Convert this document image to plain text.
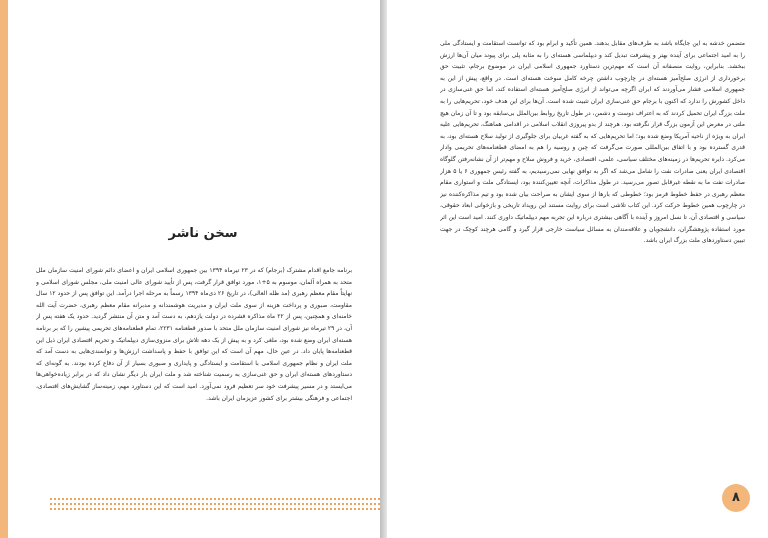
سخن ناشر
برنامه جامع اقدام مشترک (برجام) که در ۲۳ تیرماه ۱۳۹۴ بین جمهوری اسلامی ایران و اعضای دائم شورای امنیت سازمان ملل متحد به همراه آلمان، موسوم به ۵+۱، مورد توافق قرار گرفت، پس از تأیید شورای عالی امنیت ملی، مجلس شورای اسلامی و نهایتاً مقام معظم رهبری (مد ظله العالی)، در تاریخ ۲۶ دی‌ماه ۱۳۹۴ رسماً به مرحله اجرا درآمد. این توافق پس از حدود ۱۲ سال مقاومت، صبوری و پرداخت هزینه از سوی ملت ایران و مدیریت هوشمندانه و مدبرانه مقام معظم رهبری، حضرت آیت الله خامنه‌ای و همچنین، پس از ۲۲ ماه مذاکره فشرده در دولت یازدهم، به دست آمد و متن آن منتشر گردید. حدود یک هفته پس از آن، در ۲۹ تیرماه نیز شورای امنیت سازمان ملل متحد با صدور قطعنامه ۲۲۳۱، تمام قطعنامه‌های تحریمی پیشین را که بر برنامه هسته‌ای ایران وضع شده بود، ملغی کرد و به پیش از یک دهه تلاش برای منزوی‌سازی دیپلماتیک و تحریم اقتصادی ایران ذیل این قطعنامه‌ها پایان داد. در عین حال، مهم آن است که این توافق با حفظ و پاسداشت ارزش‌ها و توانمندی‌هایی به دست آمد که ملت ایران و نظام جمهوری اسلامی با استقامت و ایستادگی و پایداری و صبوری بسیار از آن دفاع کرده بودند. به گونه‌ای که دستاوردهای هسته‌ای ایران و حق غنی‌سازی به رسمیت شناخته شد و ملت ایران بار دیگر نشان داد که در برابر زیاده‌خواهی‌ها می‌ایستد و در مسیر پیشرفت خود سر تعظیم فرود نمی‌آورد. امید است که این دستاورد مهم، زمینه‌ساز گشایش‌های اقتصادی، اجتماعی و فرهنگی بیشتر برای کشور عزیزمان ایران باشد.
متضمن خدشه به این جایگاه باشد به طرف‌های مقابل بدهند. همین تأکید و ابرام بود که توانست استقامت و ایستادگی ملی را به امید اجتماعی برای آینده بهتر و پیشرفت تبدیل کند و دیپلماسی هسته‌ای را به مثابه پلی برای پیوند میان آن‌ها ارزش ببخشد. بنابراین، روایت منصفانه آن است که مهم‌ترین دستاورد جمهوری اسلامی ایران در موضوع برجام، تثبیت حق برخورداری از انرژی صلح‌آمیز هسته‌ای در چارچوب داشتن چرخه کامل سوخت هسته‌ای است. در واقع، پیش از این به جمهوری اسلامی فشار می‌آوردند که ایران اگرچه می‌تواند از انرژی صلح‌آمیز هسته‌ای استفاده کند، اما حق غنی‌سازی در داخل کشورش را ندارد که اکنون با برجام حق غنی‌سازی ایران تثبیت شده است. آن‌ها برای این هدف خود، تحریم‌هایی را به ملت بزرگ ایران تحمیل کردند که به اعتراف دوست و دشمن، در طول تاریخ روابط بین‌الملل بی‌سابقه بود و تا آن زمان هیچ ملتی در معرض این آزمون بزرگ قرار نگرفته بود. هرچند از بدو پیروزی انقلاب اسلامی در اقدامی هماهنگ، تحریم‌هایی علیه ایران به ویژه از ناحیه آمریکا وضع شده بود؛ اما تحریم‌هایی که به گفته غربیان برای جلوگیری از تولید سلاح هسته‌ای بود، به قدری گسترده بود و با اتفاق بین‌المللی صورت می‌گرفت که چین و روسیه را هم به امضای قطعنامه‌های تحریمی وادار می‌کرد. دایره تحریم‌ها در زمینه‌های مختلف سیاسی، علمی، اقتصادی، خرید و فروش سلاح و مهم‌تر از آن نشانه‌رفتن گلوگاه اقتصادی ایران یعنی صادرات نفت را شامل می‌شد که اگر به توافق نهایی نمی‌رسیدیم، به گفته رئیس جمهوری ۶ یا ۵ هزار صادرات نفت ما به نقطه غیرقابل تصور می‌رسید. در طول مذاکرات، آنچه تعیین‌کننده بود، ایستادگی ملت و استواری مقام معظم رهبری در حفظ خطوط قرمز بود؛ خطوطی که بارها از سوی ایشان به صراحت بیان شده بود و تیم مذاکره‌کننده نیز در چارچوب همین خطوط حرکت کرد. این کتاب تلاشی است برای روایت مستند این رویداد تاریخی و بازخوانی ابعاد حقوقی، سیاسی و اقتصادی آن، تا نسل امروز و آینده با آگاهی بیشتری درباره این تجربه مهم دیپلماتیک داوری کنند. امید است این اثر مورد استفاده پژوهشگران، دانشجویان و علاقه‌مندان به مسائل سیاست خارجی قرار گیرد و گامی هرچند کوچک در جهت تبیین دستاوردهای ملت بزرگ ایران باشد.
۸
